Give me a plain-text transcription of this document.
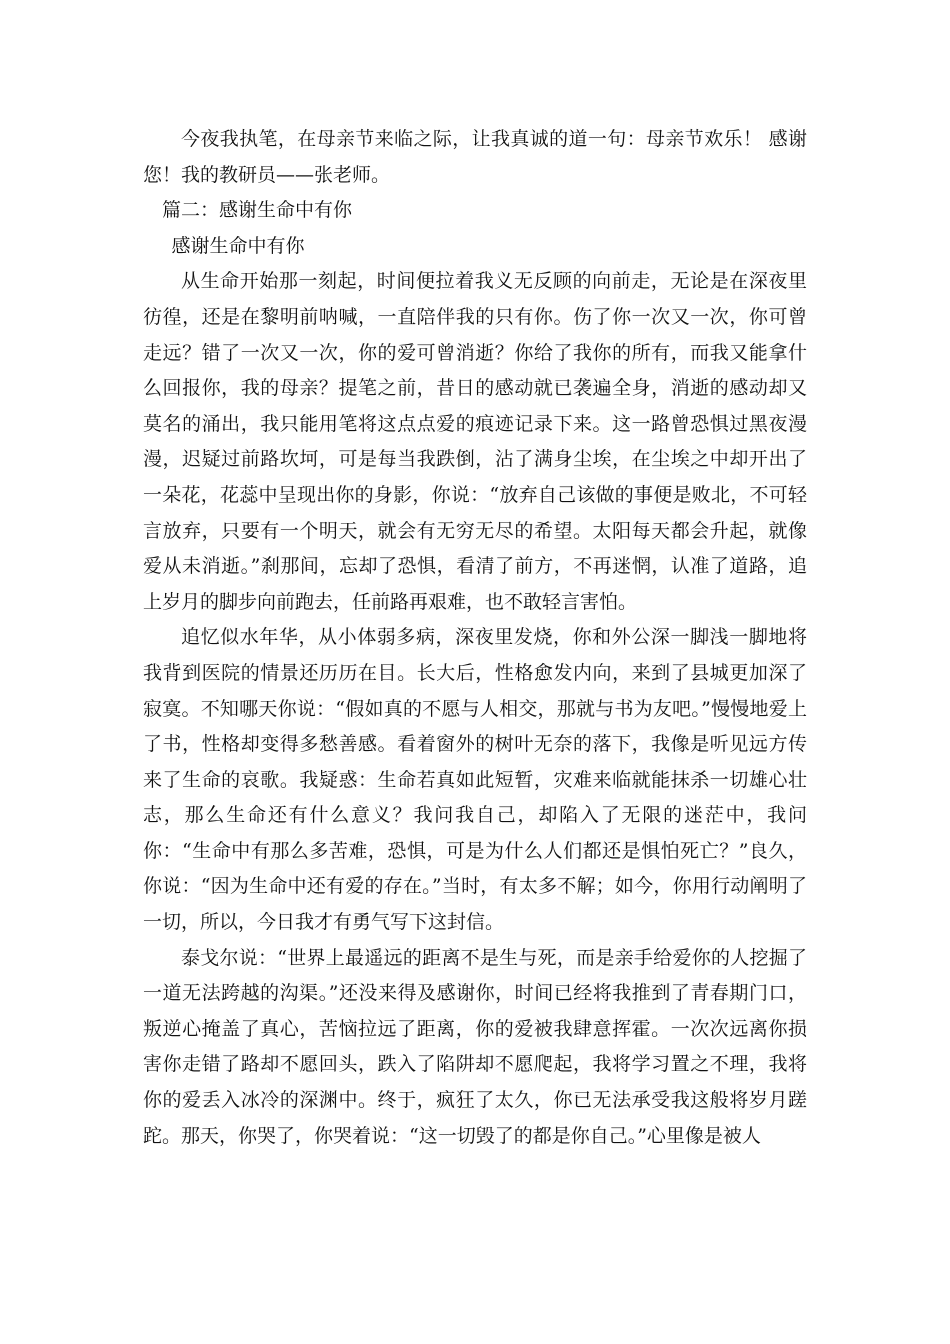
今夜我执笔，在母亲节来临之际，让我真诚的道一句：母亲节欢乐！ 感谢您！我的教研员——张老师。

篇二：感谢生命中有你

感谢生命中有你

从生命开始那一刻起，时间便拉着我义无反顾的向前走，无论是在深夜里彷徨，还是在黎明前呐喊，一直陪伴我的只有你。伤了你一次又一次，你可曾走远？错了一次又一次，你的爱可曾消逝？你给了我你的所有，而我又能拿什么回报你，我的母亲？提笔之前，昔日的感动就已袭遍全身，消逝的感动却又莫名的涌出，我只能用笔将这点点爱的痕迹记录下来。这一路曾恐惧过黑夜漫漫，迟疑过前路坎坷，可是每当我跌倒，沾了满身尘埃，在尘埃之中却开出了一朵花，花蕊中呈现出你的身影，你说：“放弃自己该做的事便是败北，不可轻言放弃，只要有一个明天，就会有无穷无尽的希望。太阳每天都会升起，就像爱从未消逝。”刹那间，忘却了恐惧，看清了前方，不再迷惘，认准了道路，追上岁月的脚步向前跑去，任前路再艰难，也不敢轻言害怕。

追忆似水年华，从小体弱多病，深夜里发烧，你和外公深一脚浅一脚地将我背到医院的情景还历历在目。长大后，性格愈发内向，来到了县城更加深了寂寞。不知哪天你说：“假如真的不愿与人相交，那就与书为友吧。”慢慢地爱上了书，性格却变得多愁善感。看着窗外的树叶无奈的落下，我像是听见远方传来了生命的哀歌。我疑惑：生命若真如此短暂，灾难来临就能抹杀一切雄心壮志，那么生命还有什么意义？我问我自己，却陷入了无限的迷茫中，我问你：“生命中有那么多苦难，恐惧，可是为什么人们都还是惧怕死亡？”良久，你说：“因为生命中还有爱的存在。”当时，有太多不解；如今，你用行动阐明了一切，所以，今日我才有勇气写下这封信。

泰戈尔说：“世界上最遥远的距离不是生与死，而是亲手给爱你的人挖掘了一道无法跨越的沟渠。”还没来得及感谢你，时间已经将我推到了青春期门口，叛逆心掩盖了真心，苦恼拉远了距离，你的爱被我肆意挥霍。一次次远离你损害你走错了路却不愿回头，跌入了陷阱却不愿爬起，我将学习置之不理，我将你的爱丢入冰冷的深渊中。终于，疯狂了太久，你已无法承受我这般将岁月蹉跎。那天，你哭了，你哭着说：“这一切毁了的都是你自己。”心里像是被人
